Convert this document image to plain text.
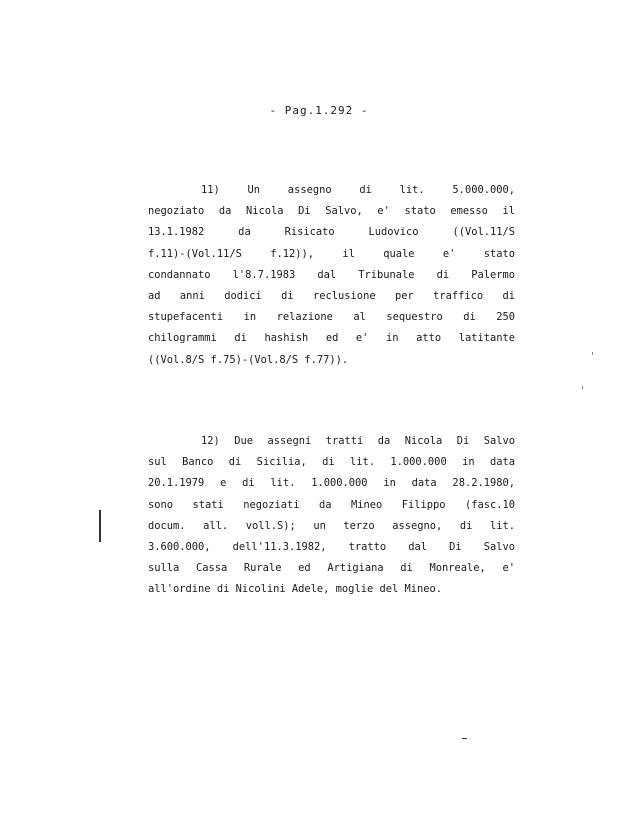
- Pag.1.292 -
11) Un assegno di lit. 5.000.000,
negoziato da Nicola Di Salvo, e' stato emesso il
13.1.1982 da Risicato Ludovico ((Vol.11/S
f.11)-(Vol.11/S f.12)), il quale e' stato
condannato l'8.7.1983 dal Tribunale di Palermo
ad anni dodici di reclusione per traffico di
stupefacenti in relazione al sequestro di 250
chilogrammi di hashish ed e' in atto latitante
((Vol.8/S f.75)-(Vol.8/S f.77)).
12) Due assegni tratti da Nicola Di Salvo
sul Banco di Sicilia, di lit. 1.000.000 in data
20.1.1979 e di lit. 1.000.000 in data 28.2.1980,
sono stati negoziati da Mineo Filippo (fasc.10
docum. all. voll.S); un terzo assegno, di lit.
3.600.000, dell'11.3.1982, tratto dal Di Salvo
sulla Cassa Rurale ed Artigiana di Monreale, e'
all'ordine di Nicolini Adele, moglie del Mineo.
